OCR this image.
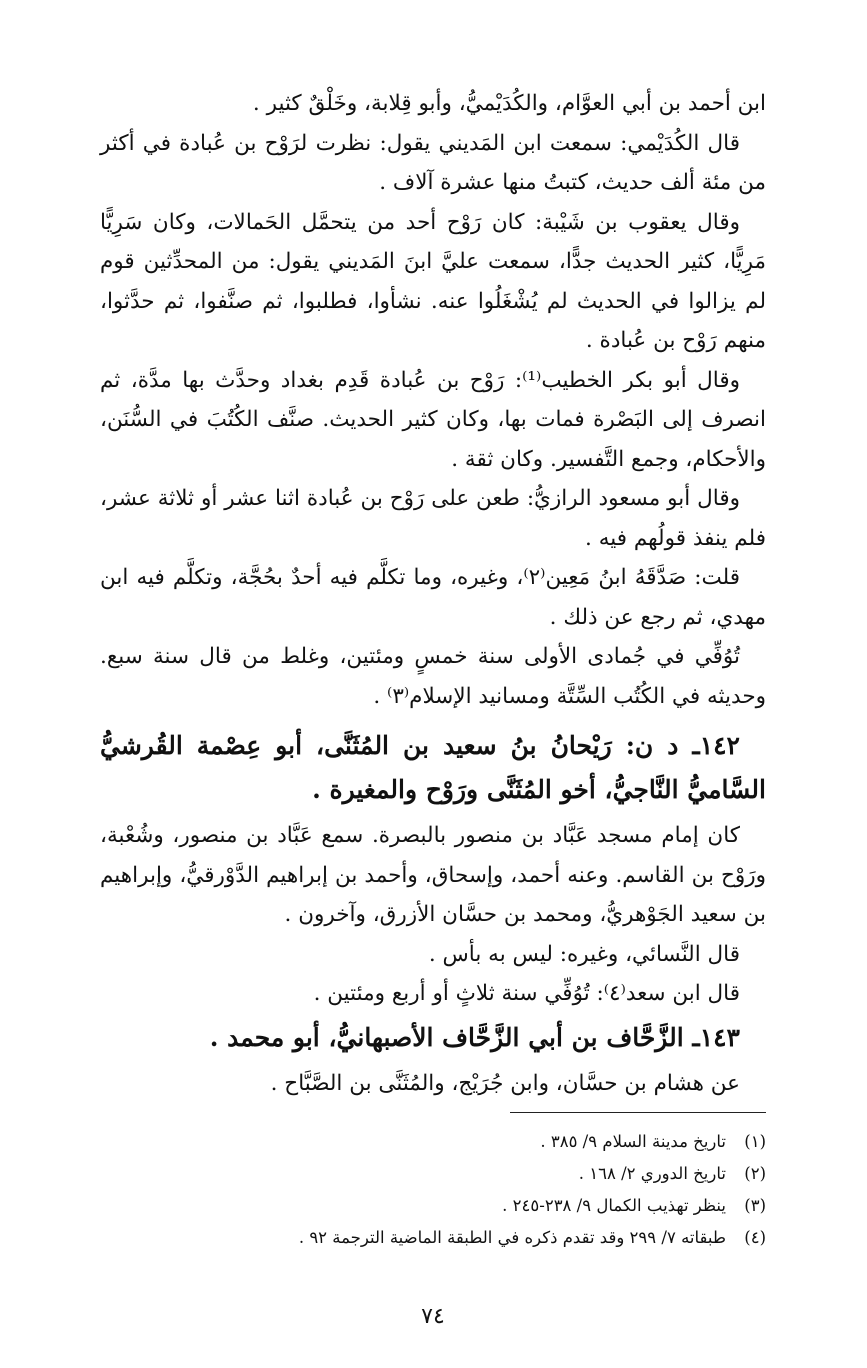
ابن أحمد بن أبي العوَّام، والكُدَيْميُّ، وأبو قِلابة، وخَلْقٌ كثير .

قال الكُدَيْمي: سمعت ابن المَديني يقول: نظرت لرَوْح بن عُبادة في أكثر من مئة ألف حديث، كتبتُ منها عشرة آلاف .

وقال يعقوب بن شَيْبة: كان رَوْح أحد من يتحمَّل الحَمالات، وكان سَرِيًّا مَرِيًّا، كثير الحديث جدًّا، سمعت عليَّ ابنَ المَديني يقول: من المحدِّثين قوم لم يزالوا في الحديث لم يُشْغَلُوا عنه. نشأوا، فطلبوا، ثم صنَّفوا، ثم حدَّثوا، منهم رَوْح بن عُبادة .

وقال أبو بكر الخطيب⁽¹⁾: رَوْح بن عُبادة قَدِم بغداد وحدَّث بها مدَّة، ثم انصرف إلى البَصْرة فمات بها، وكان كثير الحديث. صنَّف الكُتُبَ في السُّنَن، والأحكام، وجمع التَّفسير. وكان ثقة .

وقال أبو مسعود الرازيُّ: طعن على رَوْح بن عُبادة اثنا عشر أو ثلاثة عشر، فلم ينفذ قولُهم فيه .

قلت: صَدَّقَهُ ابنُ مَعِين⁽٢⁾، وغيره، وما تكلَّم فيه أحدٌ بحُجَّة، وتكلَّم فيه ابن مهدي، ثم رجع عن ذلك .

تُوُفِّي في جُمادى الأولى سنة خمسٍ ومئتين، وغلط من قال سنة سبع. وحديثه في الكُتُب السِّتَّة ومسانيد الإسلام⁽٣⁾ .

١٤٢ـ د ن: رَيْحانُ بنُ سعيد بن المُثَنَّى، أبو عِصْمة القُرشيُّ السَّاميُّ النَّاجيُّ، أخو المُثَنَّى ورَوْح والمغيرة .

كان إمام مسجد عَبَّاد بن منصور بالبصرة. سمع عَبَّاد بن منصور، وشُعْبة، ورَوْح بن القاسم. وعنه أحمد، وإسحاق، وأحمد بن إبراهيم الدَّوْرقيُّ، وإبراهيم بن سعيد الجَوْهريُّ، ومحمد بن حسَّان الأزرق، وآخرون .

قال النَّسائي، وغيره: ليس به بأس .

قال ابن سعد⁽٤⁾: تُوُفِّي سنة ثلاثٍ أو أربع ومئتين .

١٤٣ـ الزَّحَّاف بن أبي الزَّحَّاف الأصبهانيُّ، أبو محمد .

عن هشام بن حسَّان، وابن جُرَيْج، والمُثَنَّى بن الصَّبَّاح .

(١)
تاريخ مدينة السلام ٩/ ٣٨٥ .
(٢)
تاريخ الدوري ٢/ ١٦٨ .
(٣)
ينظر تهذيب الكمال ٩/ ٢٣٨-٢٤٥ .
(٤)
طبقاته ٧/ ٢٩٩ وقد تقدم ذكره في الطبقة الماضية الترجمة ٩٢ .
٧٤
